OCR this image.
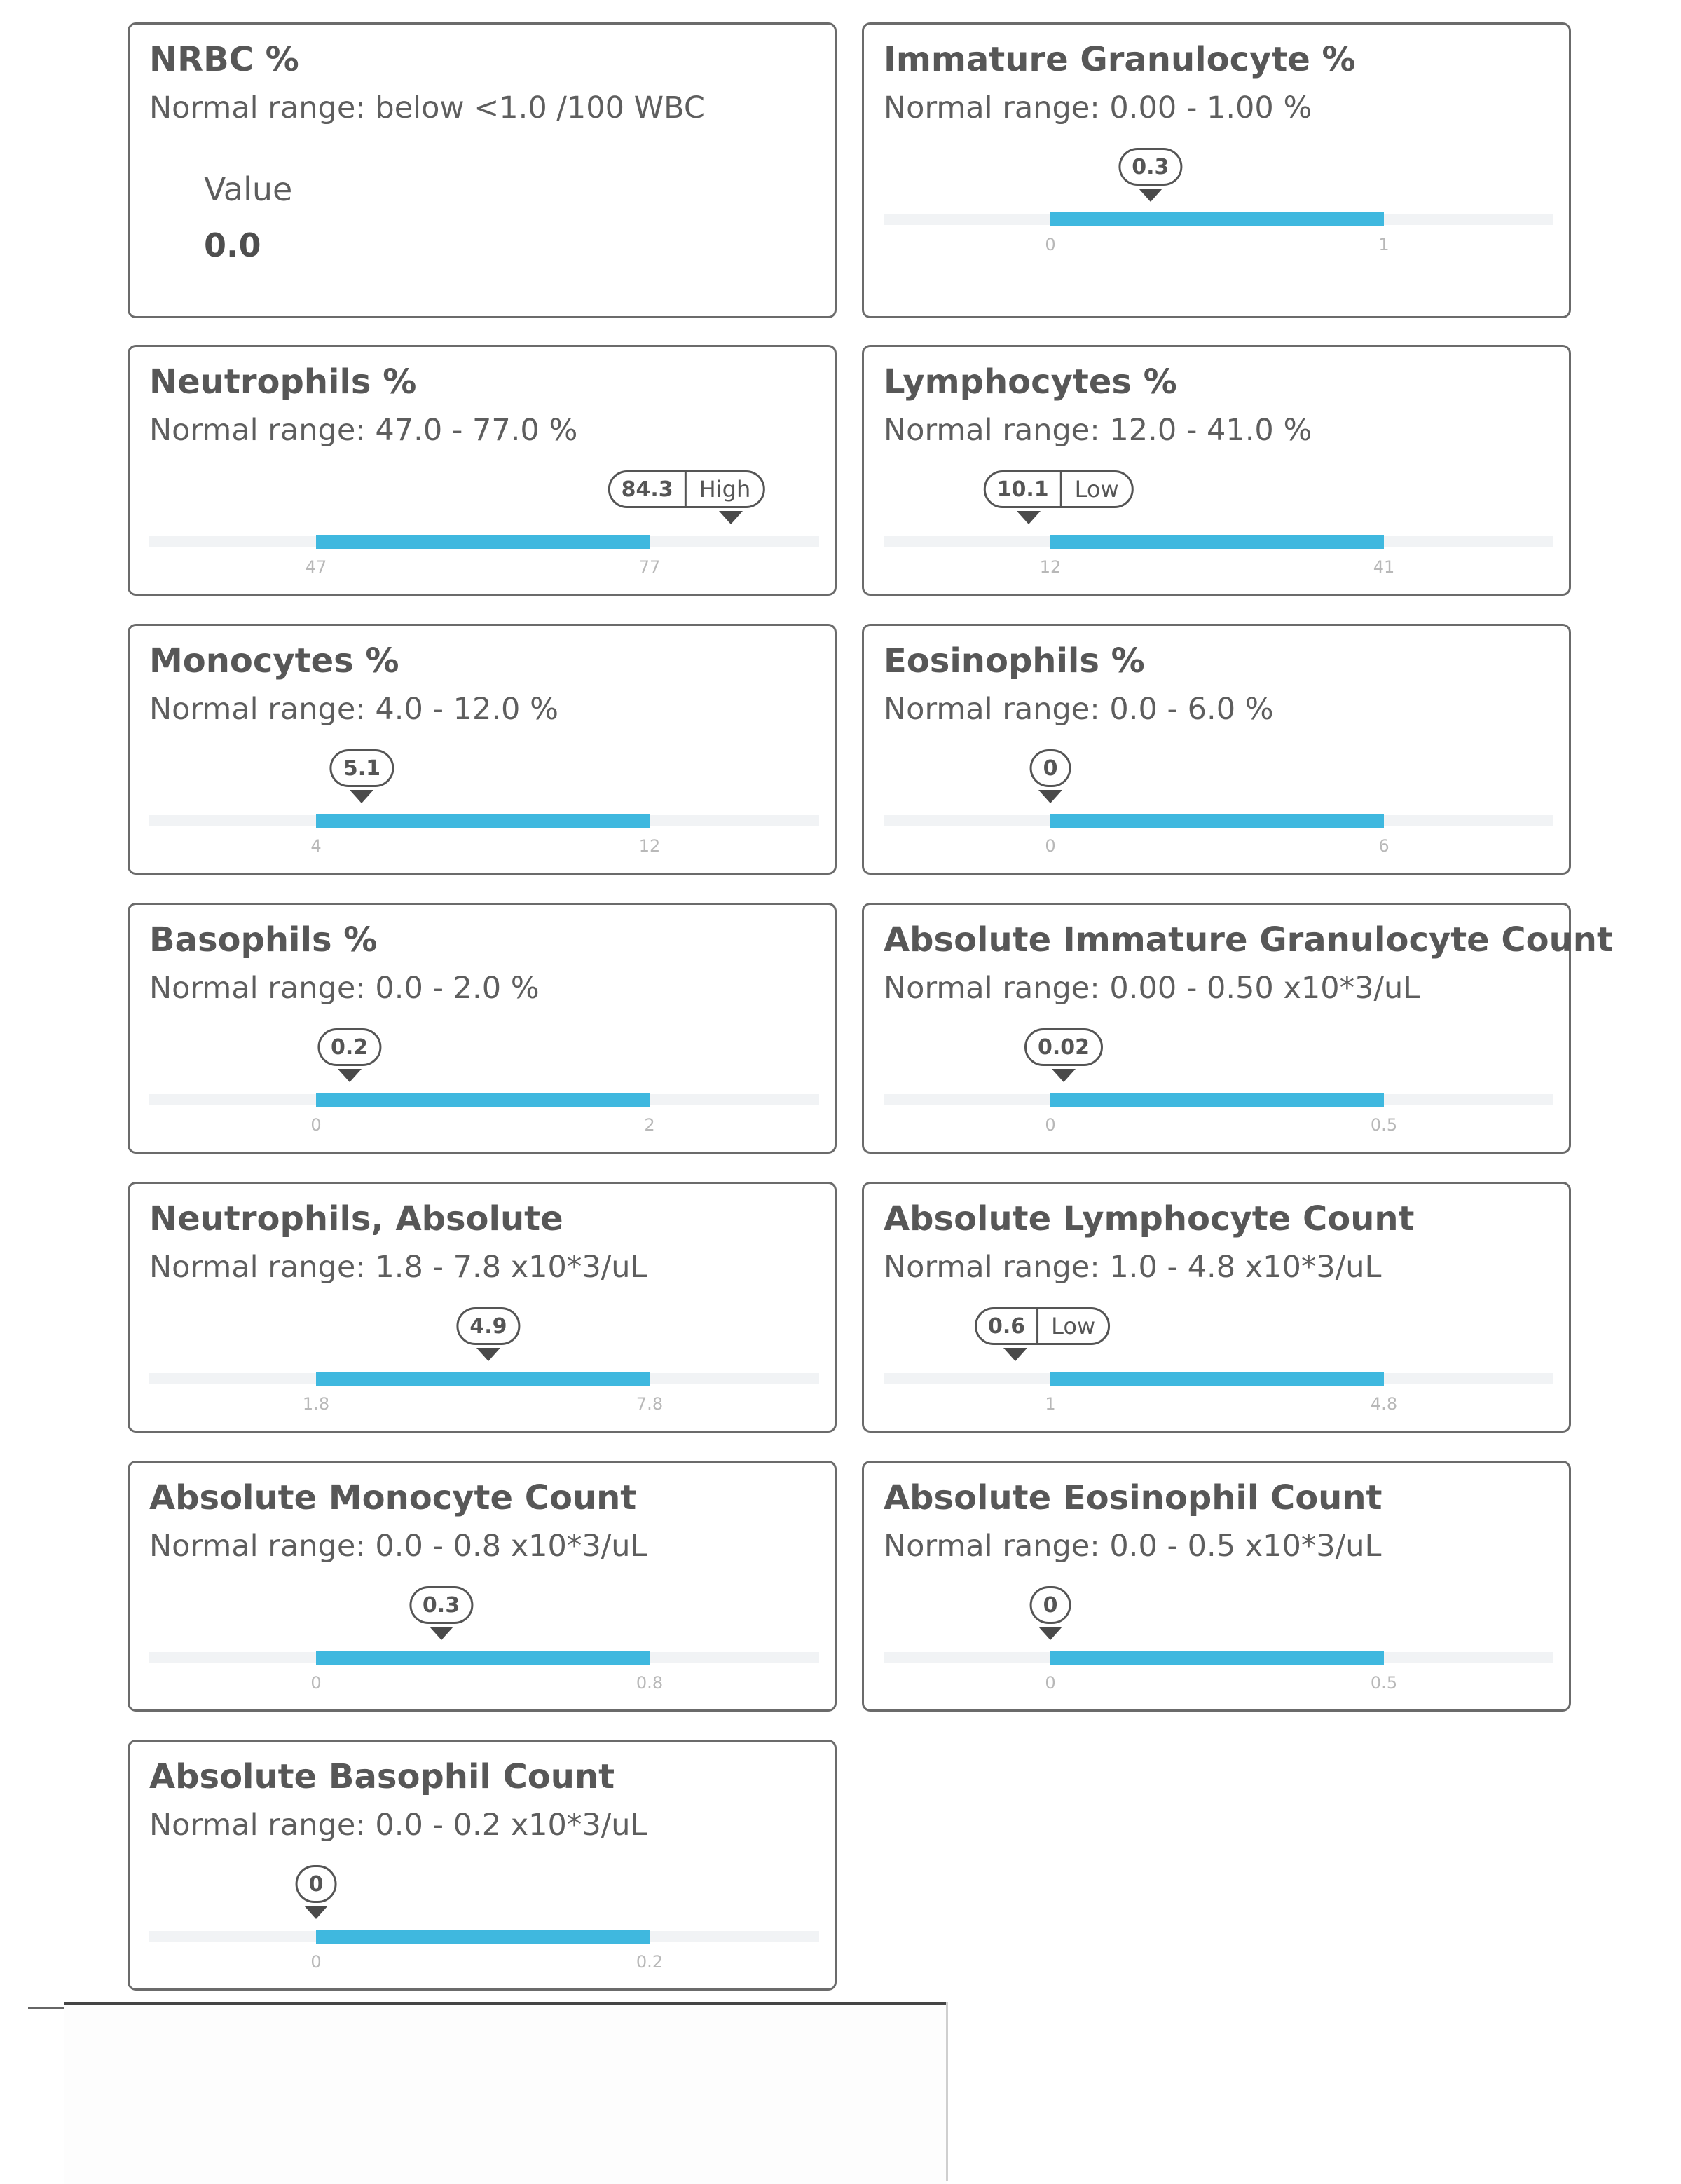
NRBC %
Normal range: below <1.0 /100 WBC
Value
0.0
Immature Granulocyte %
Normal range: 0.00 - 1.00 %
0	1
0.3
Neutrophils %
Normal range: 47.0 - 77.0 %
47	77
84.3	High
Lymphocytes %
Normal range: 12.0 - 41.0 %
12	41
10.1	Low
Monocytes %
Normal range: 4.0 - 12.0 %
4	12
5.1
Eosinophils %
Normal range: 0.0 - 6.0 %
0	6
0
Basophils %
Normal range: 0.0 - 2.0 %
0	2
0.2
Absolute Immature Granulocyte Count
Normal range: 0.00 - 0.50 x10*3/uL
0	0.5
0.02
Neutrophils, Absolute
Normal range: 1.8 - 7.8 x10*3/uL
1.8	7.8
4.9
Absolute Lymphocyte Count
Normal range: 1.0 - 4.8 x10*3/uL
1	4.8
0.6	Low
Absolute Monocyte Count
Normal range: 0.0 - 0.8 x10*3/uL
0	0.8
0.3
Absolute Eosinophil Count
Normal range: 0.0 - 0.5 x10*3/uL
0	0.5
0
Absolute Basophil Count
Normal range: 0.0 - 0.2 x10*3/uL
0	0.2
0
